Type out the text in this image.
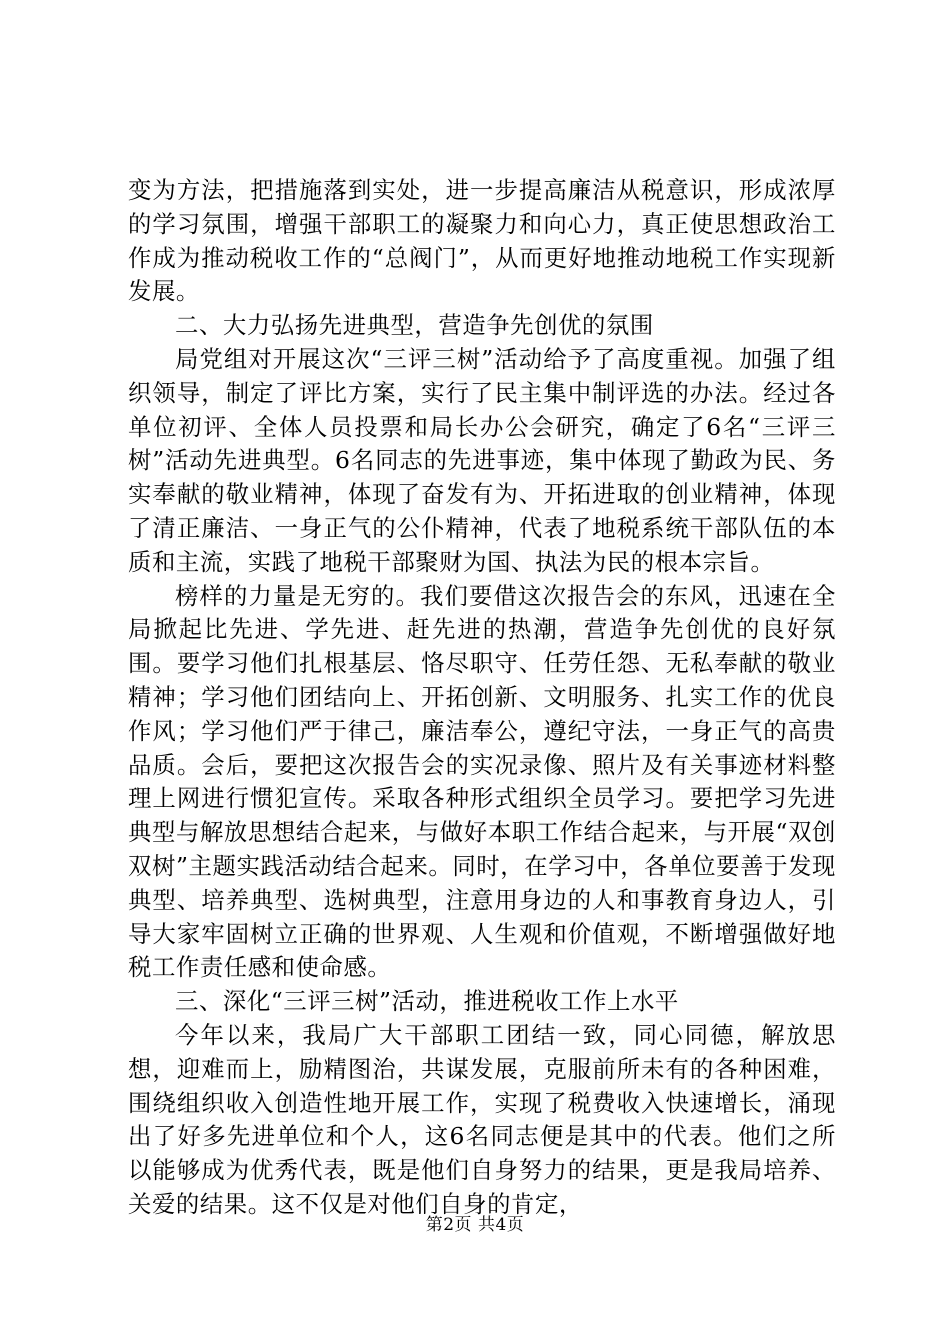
变为方法，把措施落到实处，进一步提高廉洁从税意识，形成浓厚的学习氛围，增强干部职工的凝聚力和向心力，真正使思想政治工作成为推动税收工作的“总阀门”，从而更好地推动地税工作实现新发展。

二、大力弘扬先进典型，营造争先创优的氛围

局党组对开展这次“三评三树”活动给予了高度重视。加强了组织领导，制定了评比方案，实行了民主集中制评选的办法。经过各单位初评、全体人员投票和局长办公会研究，确定了6名“三评三树”活动先进典型。6名同志的先进事迹，集中体现了勤政为民、务实奉献的敬业精神，体现了奋发有为、开拓进取的创业精神，体现了清正廉洁、一身正气的公仆精神，代表了地税系统干部队伍的本质和主流，实践了地税干部聚财为国、执法为民的根本宗旨。

榜样的力量是无穷的。我们要借这次报告会的东风，迅速在全局掀起比先进、学先进、赶先进的热潮，营造争先创优的良好氛围。要学习他们扎根基层、恪尽职守、任劳任怨、无私奉献的敬业精神；学习他们团结向上、开拓创新、文明服务、扎实工作的优良作风；学习他们严于律己，廉洁奉公，遵纪守法，一身正气的高贵品质。会后，要把这次报告会的实况录像、照片及有关事迹材料整理上网进行惯犯宣传。采取各种形式组织全员学习。要把学习先进典型与解放思想结合起来，与做好本职工作结合起来，与开展“双创双树”主题实践活动结合起来。同时，在学习中，各单位要善于发现典型、培养典型、选树典型，注意用身边的人和事教育身边人，引导大家牢固树立正确的世界观、人生观和价值观，不断增强做好地税工作责任感和使命感。

三、深化“三评三树”活动，推进税收工作上水平

今年以来，我局广大干部职工团结一致，同心同德，解放思想，迎难而上，励精图治，共谋发展，克服前所未有的各种困难，围绕组织收入创造性地开展工作，实现了税费收入快速增长，涌现出了好多先进单位和个人，这6名同志便是其中的代表。他们之所以能够成为优秀代表，既是他们自身努力的结果，更是我局培养、关爱的结果。这不仅是对他们自身的肯定，

第2页 共4页
